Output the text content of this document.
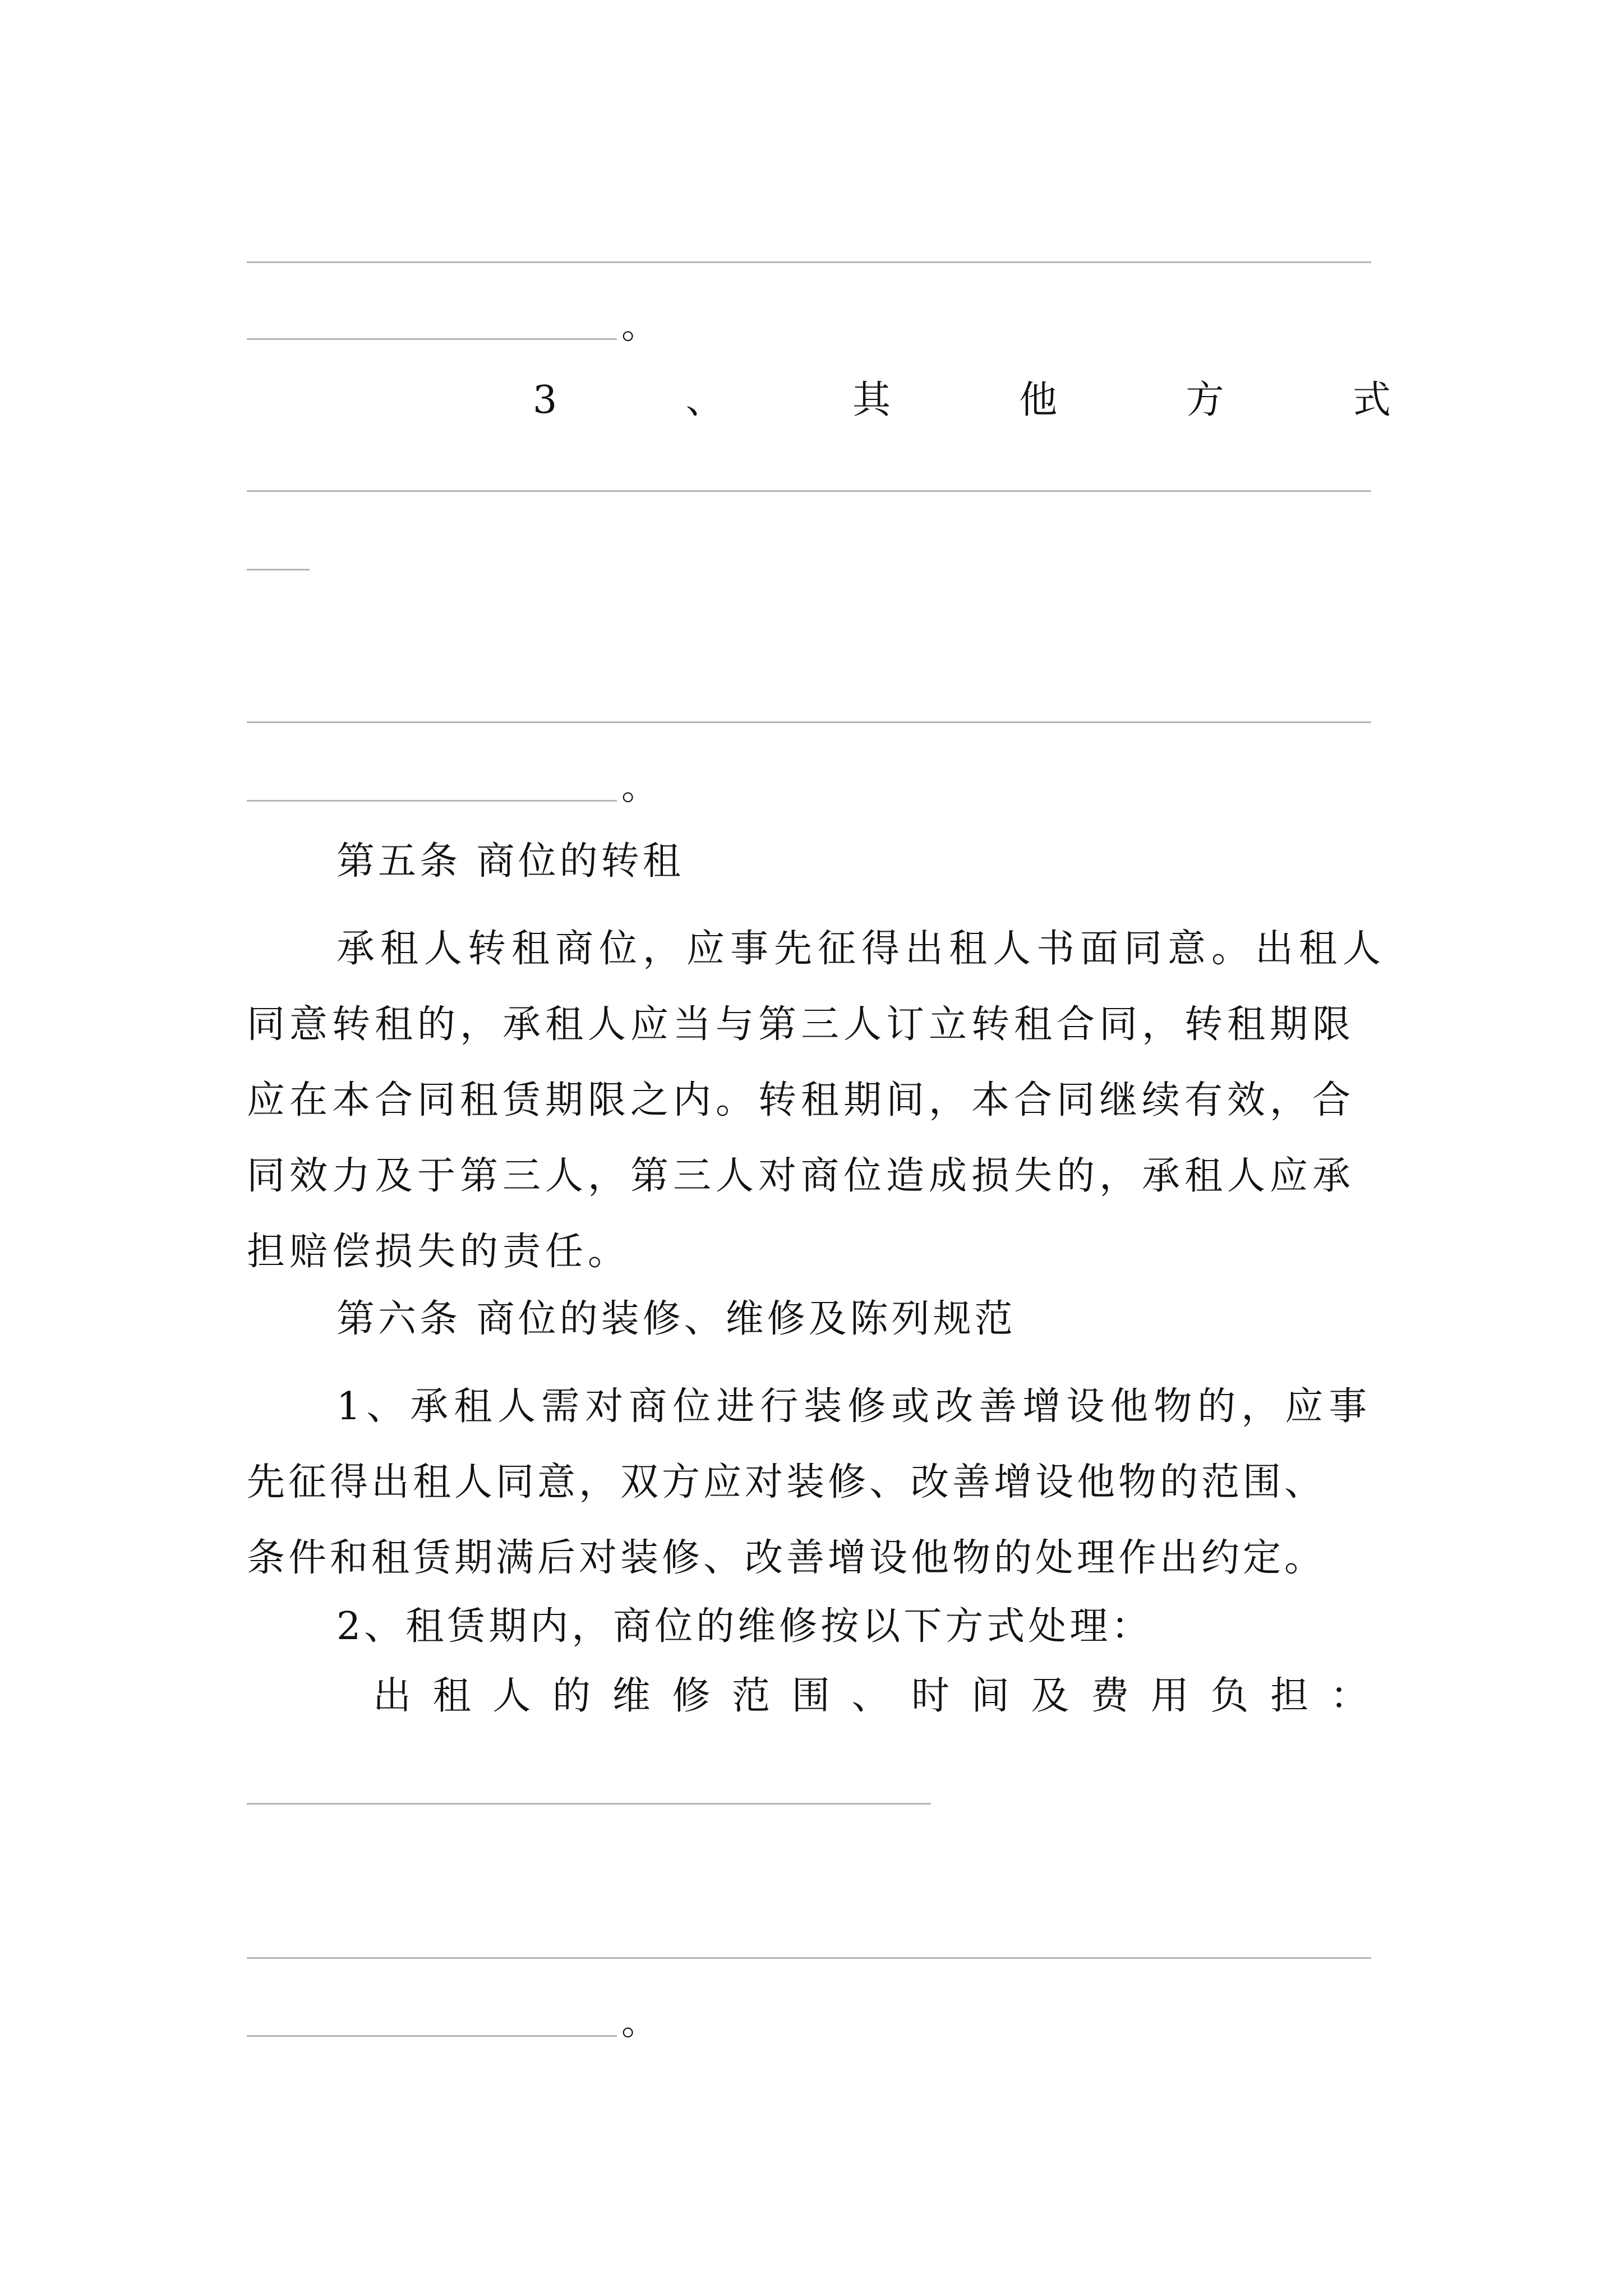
。
3	、	其	他	方	式
。
第五条 商位的转租
承租人转租商位，应事先征得出租人书面同意。出租人
同意转租的，承租人应当与第三人订立转租合同，转租期限
应在本合同租赁期限之内。转租期间，本合同继续有效，合
同效力及于第三人，第三人对商位造成损失的，承租人应承
担赔偿损失的责任。
第六条 商位的装修、维修及陈列规范
1、承租人需对商位进行装修或改善增设他物的，应事
先征得出租人同意，双方应对装修、改善增设他物的范围、
条件和租赁期满后对装修、改善增设他物的处理作出约定。
2、租赁期内，商位的维修按以下方式处理：
出 租 人 的 维 修 范 围 、 时 间 及 费 用 负 担 ：
。
